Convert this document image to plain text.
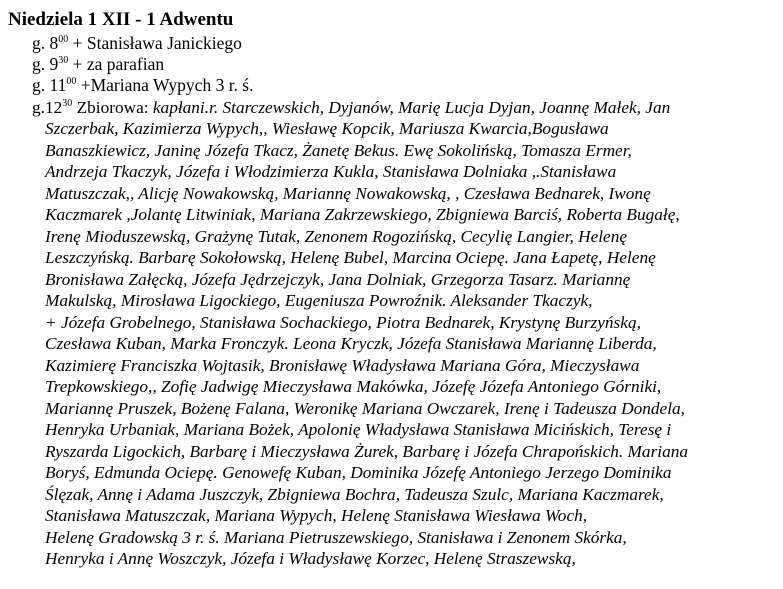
Niedziela 1 XII - 1 Adwentu
g. $8^{00}$ + Stanisława Janickiego
g. $9^{30}$ + za parafian
g. $11^{00}$ +Mariana Wypych 3 r. ś.
$g.12^{30}$ Zbiorowa: kapłani.r. Starczewskich, Dyjanów, Marię Lucja Dyjan, Joannę Małek, Jan
Szczerbak, Kazimierza Wypych,, Wiesławę Kopcik, Mariusza Kwarcia,Bogusława
Banaszkiewicz, Janinę Józefa Tkacz, Żanetę Bekus. Ewę Sokolińską, Tomasza Ermer,
Andrzeja Tkaczyk, Józefa i Włodzimierza Kukla, Stanisława Dolniaka ,.Stanisława
Matuszczak,, Alicję Nowakowską, Mariannę Nowakowską, , Czesława Bednarek, Iwonę
Kaczmarek ,Jolantę Litwiniak, Mariana Zakrzewskiego, Zbigniewa Barciś, Roberta Bugałę,
Irenę Mioduszewską, Grażynę Tutak, Zenonem Rogozińską, Cecylię Langier, Helenę
Leszczyńską. Barbarę Sokołowską, Helenę Bubel, Marcina Ociepę. Jana Łapetę, Helenę
Bronisława Załęcką, Józefa Jędrzejczyk, Jana Dolniak, Grzegorza Tasarz. Mariannę
Makulską, Mirosława Ligockiego, Eugeniusza Powroźnik. Aleksander Tkaczyk,
+ Józefa Grobelnego, Stanisława Sochackiego, Piotra Bednarek, Krystynę Burzyńską,
Czesława Kuban, Marka Fronczyk. Leona Kryczk, Józefa Stanisława Mariannę Liberda,
Kazimierę Franciszka Wojtasik, Bronisławę Władysława Mariana Góra, Mieczysława
Trepkowskiego,, Zofię Jadwigę Mieczysława Makówka, Józefę Józefa Antoniego Górniki,
Mariannę Pruszek, Bożenę Falana, Weronikę Mariana Owczarek, Irenę i Tadeusza Dondela,
Henryka Urbaniak, Mariana Bożek, Apolonię Władysława Stanisława Micińskich, Teresę i
Ryszarda Ligockich, Barbarę i Mieczysława Żurek, Barbarę i Józefa Chrapońskich. Mariana
Boryś, Edmunda Ociepę. Genowefę Kuban, Dominika Józefę Antoniego Jerzego Dominika
Ślęzak, Annę i Adama Juszczyk, Zbigniewa Bochra, Tadeusza Szulc, Mariana Kaczmarek,
Stanisława Matuszczak, Mariana Wypych, Helenę Stanisława Wiesława Woch,
Helenę Gradowską 3 r. ś. Mariana Pietruszewskiego, Stanisława i Zenonem Skórka,
Henryka i Annę Woszczyk, Józefa i Władysławę Korzec, Helenę Straszewską,
